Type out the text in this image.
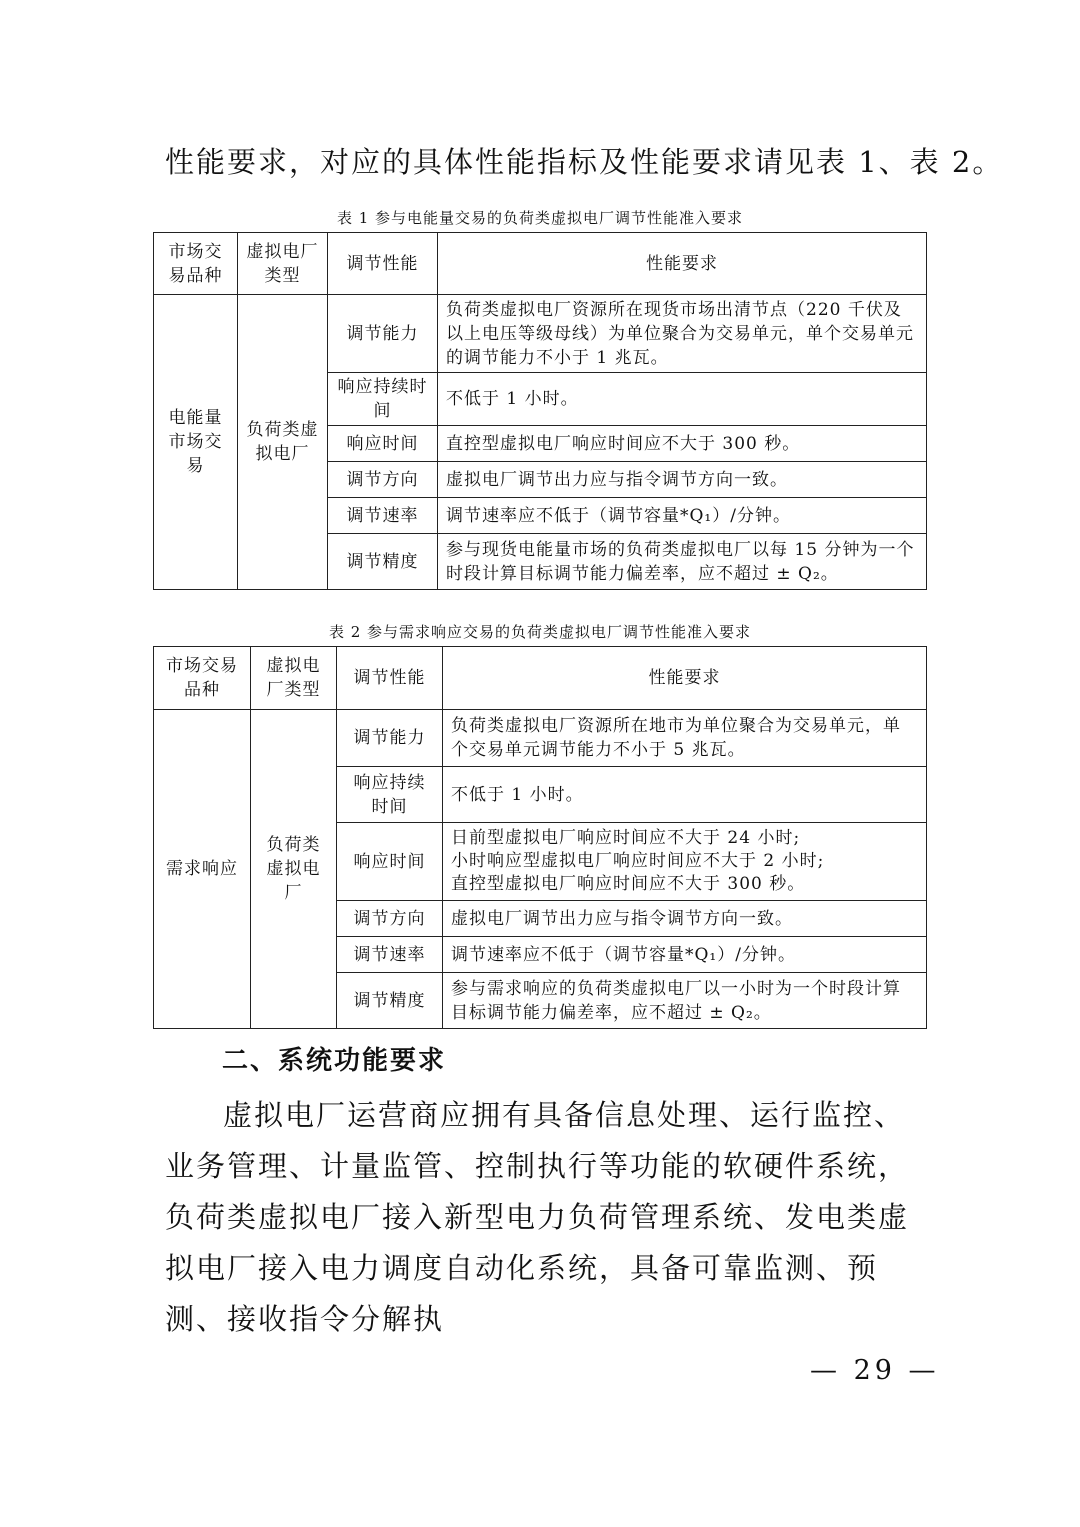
性能要求，对应的具体性能指标及性能要求请见表 1、表 2。
表 1 参与电能量交易的负荷类虚拟电厂调节性能准入要求
市场交易品种	虚拟电厂类型	调节性能	性能要求
电能量市场交易	负荷类虚拟电厂	调节能力	负荷类虚拟电厂资源所在现货市场出清节点（220 千伏及以上电压等级母线）为单位聚合为交易单元，单个交易单元的调节能力不小于 1 兆瓦。
		响应持续时间	不低于 1 小时。
		响应时间	直控型虚拟电厂响应时间应不大于 300 秒。
		调节方向	虚拟电厂调节出力应与指令调节方向一致。
		调节速率	调节速率应不低于（调节容量*Q₁）/分钟。
		调节精度	参与现货电能量市场的负荷类虚拟电厂以每 15 分钟为一个时段计算目标调节能力偏差率，应不超过 ± Q₂。
表 2 参与需求响应交易的负荷类虚拟电厂调节性能准入要求
市场交易品种	虚拟电厂类型	调节性能	性能要求
需求响应	负荷类虚拟电厂	调节能力	负荷类虚拟电厂资源所在地市为单位聚合为交易单元，单个交易单元调节能力不小于 5 兆瓦。
		响应持续时间	不低于 1 小时。
		响应时间	日前型虚拟电厂响应时间应不大于 24 小时;
小时响应型虚拟电厂响应时间应不大于 2 小时;
直控型虚拟电厂响应时间应不大于 300 秒。
		调节方向	虚拟电厂调节出力应与指令调节方向一致。
		调节速率	调节速率应不低于（调节容量*Q₁）/分钟。
		调节精度	参与需求响应的负荷类虚拟电厂以一小时为一个时段计算目标调节能力偏差率，应不超过 ± Q₂。
二、系统功能要求
虚拟电厂运营商应拥有具备信息处理、运行监控、业务管理、计量监管、控制执行等功能的软硬件系统，负荷类虚拟电厂接入新型电力负荷管理系统、发电类虚拟电厂接入电力调度自动化系统，具备可靠监测、预测、接收指令分解执
— 29 —
